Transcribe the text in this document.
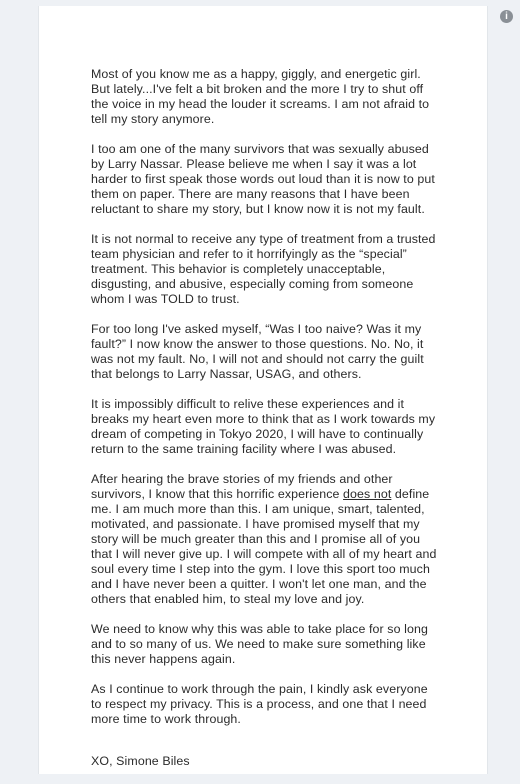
Most of you know me as a happy, giggly, and energetic girl. But lately...I've felt a bit broken and the more I try to shut off the voice in my head the louder it screams. I am not afraid to tell my story anymore.

I too am one of the many survivors that was sexually abused by Larry Nassar. Please believe me when I say it was a lot harder to first speak those words out loud than it is now to put them on paper. There are many reasons that I have been reluctant to share my story, but I know now it is not my fault.

It is not normal to receive any type of treatment from a trusted team physician and refer to it horrifyingly as the “special” treatment. This behavior is completely unacceptable, disgusting, and abusive, especially coming from someone whom I was TOLD to trust.

For too long I've asked myself, “Was I too naive? Was it my fault?” I now know the answer to those questions. No. No, it was not my fault. No, I will not and should not carry the guilt that belongs to Larry Nassar, USAG, and others.

It is impossibly difficult to relive these experiences and it breaks my heart even more to think that as I work towards my dream of competing in Tokyo 2020, I will have to continually return to the same training facility where I was abused.

After hearing the brave stories of my friends and other survivors, I know that this horrific experience does not define me. I am much more than this. I am unique, smart, talented, motivated, and passionate. I have promised myself that my story will be much greater than this and I promise all of you that I will never give up. I will compete with all of my heart and soul every time I step into the gym. I love this sport too much and I have never been a quitter. I won't let one man, and the others that enabled him, to steal my love and joy.

We need to know why this was able to take place for so long and to so many of us. We need to make sure something like this never happens again.

As I continue to work through the pain, I kindly ask everyone to respect my privacy. This is a process, and one that I need more time to work through.

XO, Simone Biles

i
